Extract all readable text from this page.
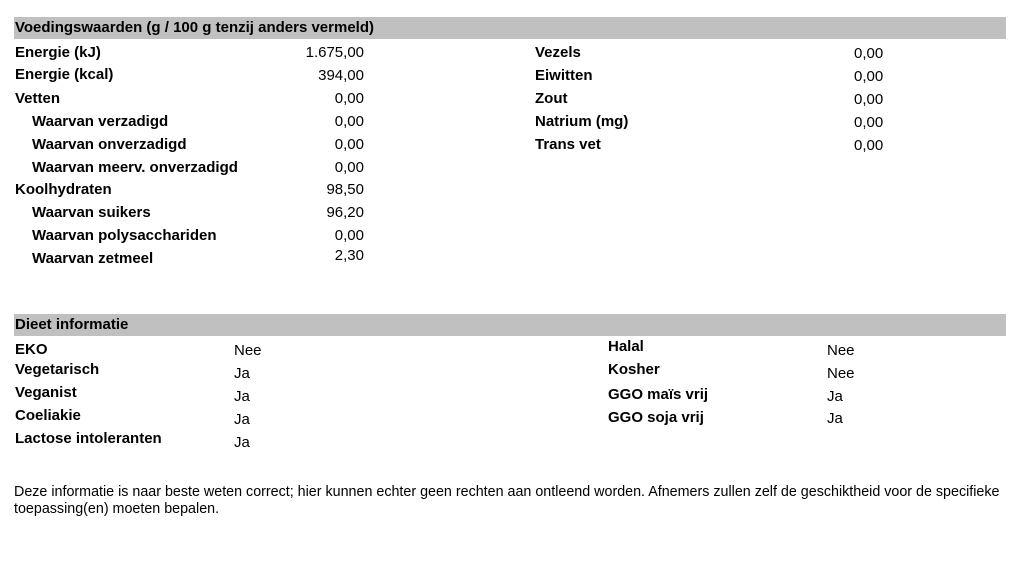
Voedingswaarden (g / 100 g tenzij anders vermeld)
Energie (kJ)	1.675,00
Energie (kcal)	394,00
Vetten	0,00
Waarvan verzadigd	0,00
Waarvan onverzadigd	0,00
Waarvan meerv. onverzadigd	0,00
Koolhydraten	98,50
Waarvan suikers	96,20
Waarvan polysacchariden	0,00
Waarvan zetmeel	2,30
Vezels	0,00
Eiwitten	0,00
Zout	0,00
Natrium (mg)	0,00
Trans vet	0,00
Dieet informatie
EKO	Nee
Vegetarisch	Ja
Veganist	Ja
Coeliakie	Ja
Lactose intoleranten	Ja
Halal	Nee
Kosher	Nee
GGO maïs vrij	Ja
GGO soja vrij	Ja
Deze informatie is naar beste weten correct; hier kunnen echter geen rechten aan ontleend worden. Afnemers zullen zelf de geschiktheid voor de specifieke toepassing(en) moeten bepalen.
